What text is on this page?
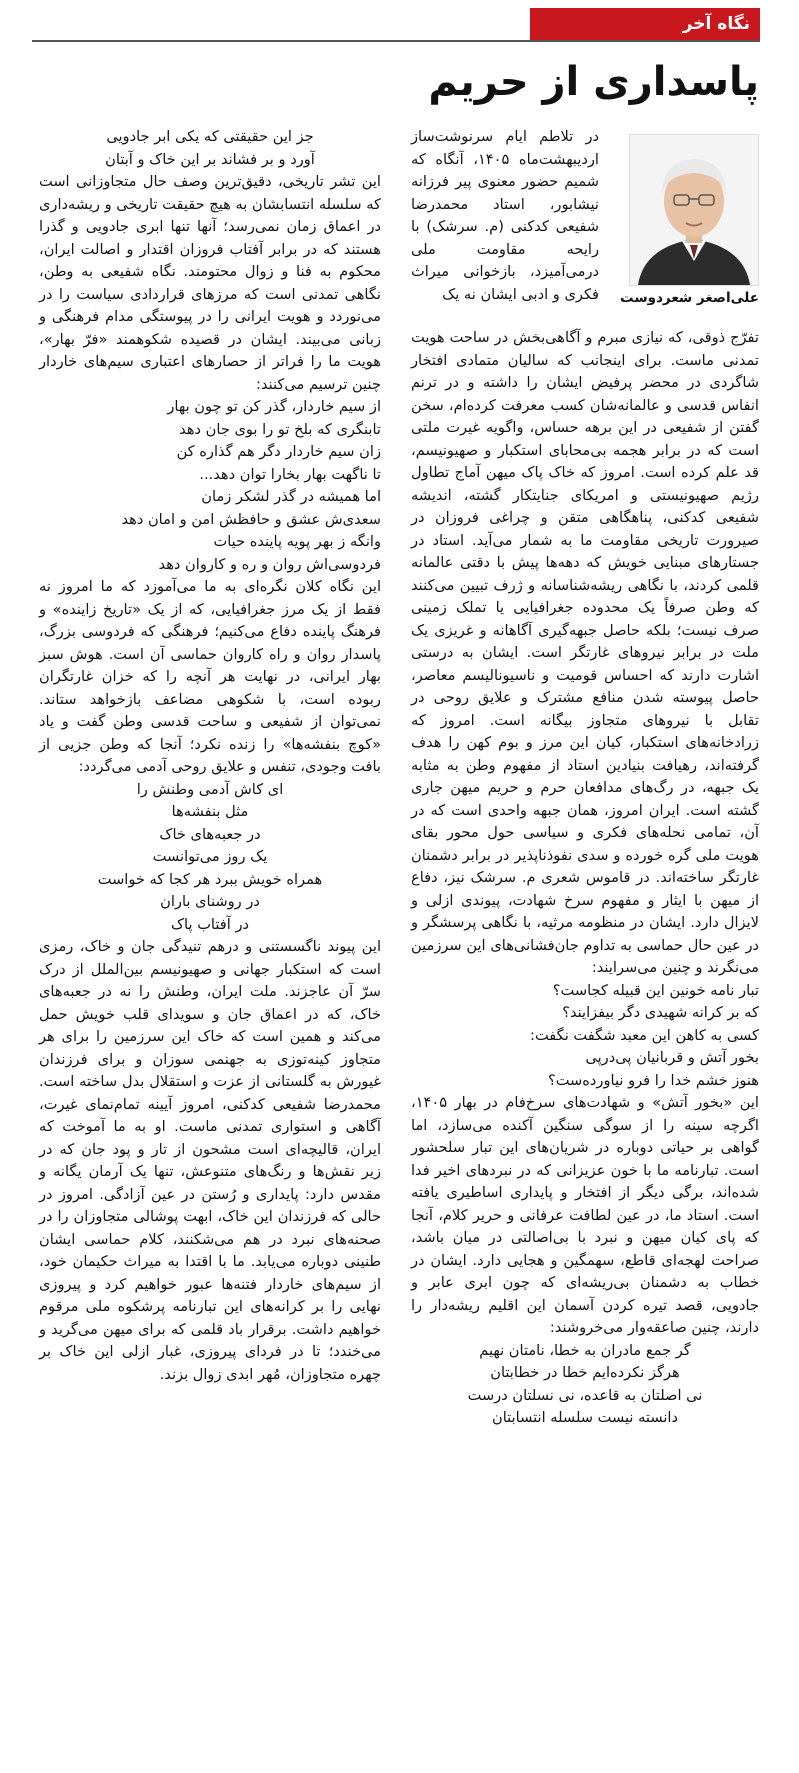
نگاه آخر
پاسداری از حریم
علی‌اصغر شعردوست

در تلاطم ایام سرنوشت‌ساز اردیبهشت‌ماه ۱۴۰۵، آنگاه که شمیم حضور معنوی پیر فرزانه نیشابور، استاد محمدرضا شفیعی کدکنی (م. سرشک) با رایحه مقاومت ملی درمی‌آمیزد، بازخوانی میراث فکری و ادبی ایشان نه یک

تفرّج ذوقی، که نیازی مبرم و آگاهی‌بخش در ساحت هویت تمدنی ماست. برای اینجانب که سالیان متمادی افتخار شاگردی در محضر پرفیض ایشان را داشته و در ترنم انفاس قدسی و عالمانه‌شان کسب معرفت کرده‌ام، سخن گفتن از شفیعی در این برهه حساس، واگویه غیرت ملتی است که در برابر هجمه بی‌محابای استکبار و صهیونیسم، قد علم کرده است. امروز که خاک پاک میهن آماج تطاول رژیم صهیونیستی و امریکای جنایتکار گشته، اندیشه شفیعی کدکنی، پناهگاهی متقن و چراغی فروزان در صیرورت تاریخی مقاومت ما به شمار می‌آید. استاد در جستارهای مبنایی خویش که دهه‌ها پیش با دقتی عالمانه قلمی کردند، با نگاهی ریشه‌شناسانه و ژرف تبیین می‌کنند که وطن صرفاً یک محدوده جغرافیایی یا تملک زمینی صرف نیست؛ بلکه حاصل جبهه‌گیری آگاهانه و غریزی یک ملت در برابر نیروهای غارتگر است. ایشان به درستی اشارت دارند که احساس قومیت و ناسیونالیسم معاصر، حاصل پیوسته شدن منافع مشترک و علایق روحی در تقابل با نیروهای متجاوز بیگانه است. امروز که زرادخانه‌های استکبار، کیان این مرز و بوم کهن را هدف گرفته‌اند، رهیافت بنیادین استاد از مفهوم وطن به مثابه یک جبهه، در رگ‌های مدافعان حرم و حریم میهن جاری گشته است. ایران امروز، همان جبهه واحدی است که در آن، تمامی نحله‌های فکری و سیاسی حول محور بقای هویت ملی گره خورده و سدی نفوذناپذیر در برابر دشمنان غارتگر ساخته‌اند. در قاموس شعری م. سرشک نیز، دفاع از میهن با ایثار و مفهوم سرخ شهادت، پیوندی ازلی و لایزال دارد. ایشان در منظومه مرثیه، با نگاهی پرسشگر و در عین حال حماسی به تداوم جان‌فشانی‌های این سرزمین می‌نگرند و چنین می‌سرایند:

تبار نامه خونین این قبیله کجاست؟

که بر کرانه شهیدی دگر بیفزایند؟

کسی به کاهن این معبد شگفت نگفت:

بخور آتش و قربانیان پی‌در‌پی

هنوز خشم خدا را فرو نیاورده‌ست؟

این «بخور آتش» و شهادت‌های سرخ‌فام در بهار ۱۴۰۵، اگرچه سینه را از سوگی سنگین آکنده می‌سازد، اما گواهی بر حیاتی دوباره در شریان‌های این تبار سلحشور است. تبارنامه ما با خون عزیزانی که در نبردهای اخیر فدا شده‌اند، برگی دیگر از افتخار و پایداری اساطیری یافته است. استاد ما، در عین لطافت عرفانی و حریر کلام، آنجا که پای کیان میهن و نبرد با بی‌اصالتی در میان باشد، صراحت لهجه‌ای قاطع، سهمگین و هجایی دارد. ایشان در خطاب به دشمنان بی‌ریشه‌ای که چون ابری عابر و جادویی، قصد تیره کردن آسمان این اقلیم ریشه‌دار را دارند، چنین صاعقه‌وار می‌خروشند:

گر جمع مادران به خطا، نامتان نهیم

هرگز نکرده‌ایم خطا در خطابتان

نی اصلتان به قاعده، نی نسلتان درست

دانسته نیست سلسله انتسابتان

جز این حقیقتی که یکی ابر جادویی

آورد و بر فشاند بر این خاک و آبتان

این تشر تاریخی، دقیق‌ترین وصف حال متجاوزانی است که سلسله انتسابشان به هیچ حقیقت تاریخی و ریشه‌داری در اعماق زمان نمی‌رسد؛ آنها تنها ابری جادویی و گذرا هستند که در برابر آفتاب فروزان اقتدار و اصالت ایران، محکوم به فنا و زوال محتومند. نگاه شفیعی به وطن، نگاهی تمدنی است که مرزهای قراردادی سیاست را در می‌نوردد و هویت ایرانی را در پیوستگی مدام فرهنگی و زبانی می‌بیند. ایشان در قصیده شکوهمند «فرّ بهار»، هویت ما را فراتر از حصارهای اعتباری سیم‌های خاردار چنین ترسیم می‌کنند:

از سیم خاردار، گذر کن تو چون بهار

تابنگری که بلخ تو را بوی جان دهد

زان سیم خاردار دگر هم گذاره کن

تا ناگهت بهار بخارا توان دهد...

اما همیشه در گذر لشکر زمان

سعدی‌ش عشق و حافظش امن و امان دهد

وانگه ز بهر پویه پاینده حیات

فردوسی‌اش روان و ره و کاروان دهد

این نگاه کلان نگره‌ای به ما می‌آموزد که ما امروز نه فقط از یک مرز جغرافیایی، که از یک «تاریخ زاینده» و فرهنگ پاینده دفاع می‌کنیم؛ فرهنگی که فردوسی بزرگ، پاسدار روان و راه کاروان حماسی آن است. هوش سبز بهار ایرانی، در نهایت هر آنچه را که خزان غارتگران ربوده است، با شکوهی مضاعف بازخواهد ستاند. نمی‌توان از شفیعی و ساحت قدسی وطن گفت و یاد «کوچ بنفشه‌ها» را زنده نکرد؛ آنجا که وطن جزیی از بافت وجودی، تنفس و علایق روحی آدمی می‌گردد:

ای کاش آدمی وطنش را

مثل بنفشه‌ها

در جعبه‌های خاک

یک روز می‌توانست

همراه خویش ببرد هر کجا که خواست

در روشنای باران

در آفتاب پاک

این پیوند ناگسستنی و درهم تنیدگی جان و خاک، رمزی است که استکبار جهانی و صهیونیسم بین‌الملل از درک سرّ آن عاجزند. ملت ایران، وطنش را نه در جعبه‌های خاک، که در اعماق جان و سویدای قلب خویش حمل می‌کند و همین است که خاک این سرزمین را برای هر متجاوز کینه‌توزی به جهنمی سوزان و برای فرزندان غیورش به گلستانی از عزت و استقلال بدل ساخته است. محمدرضا شفیعی کدکنی، امروز آیینه تمام‌نمای غیرت، آگاهی و استواری تمدنی ماست. او به ما آموخت که ایران، قالیچه‌ای است مشحون از تار و پود جان که در زیر نقش‌ها و رنگ‌های متنوعش، تنها یک آرمان یگانه و مقدس دارد: پایداری و رُستن در عین آزادگی. امروز در حالی که فرزندان این خاک، ابهت پوشالی متجاوزان را در صحنه‌های نبرد در هم می‌شکنند، کلام حماسی ایشان طنینی دوباره می‌یابد. ما با اقتدا به میراث حکیمان خود، از سیم‌های خاردار فتنه‌ها عبور خواهیم کرد و پیروزی نهایی را بر کرانه‌های این تبارنامه پرشکوه ملی مرقوم خواهیم داشت. برقرار باد قلمی که برای میهن می‌گرید و می‌خندد؛ تا در فردای پیروزی، غبار ازلی این خاک بر چهره متجاوزان، مُهر ابدی زوال بزند.
